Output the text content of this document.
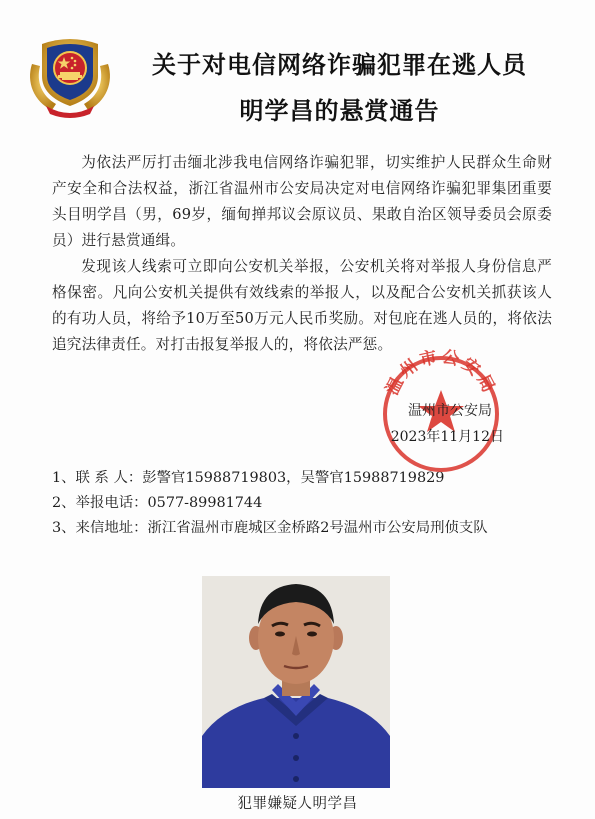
关于对电信网络诈骗犯罪在逃人员
明学昌的悬赏通告

为依法严厉打击缅北涉我电信网络诈骗犯罪，切实维护人民群众生命财产安全和合法权益，浙江省温州市公安局决定对电信网络诈骗犯罪集团重要头目明学昌（男，69岁，缅甸掸邦议会原议员、果敢自治区领导委员会原委员）进行悬赏通缉。

发现该人线索可立即向公安机关举报，公安机关将对举报人身份信息严格保密。凡向公安机关提供有效线索的举报人，以及配合公安机关抓获该人的有功人员，将给予10万至50万元人民币奖励。对包庇在逃人员的，将依法追究法律责任。对打击报复举报人的，将依法严惩。

温州市公安局
温州市公安局
2023年11月12日
1、 联 系 人： 彭警官15988719803，吴警官15988719829
2、 举报电话： 0577-89981744
3、来信地址：浙江省温州市鹿城区金桥路2号温州市公安局刑侦支队
犯罪嫌疑人明学昌
